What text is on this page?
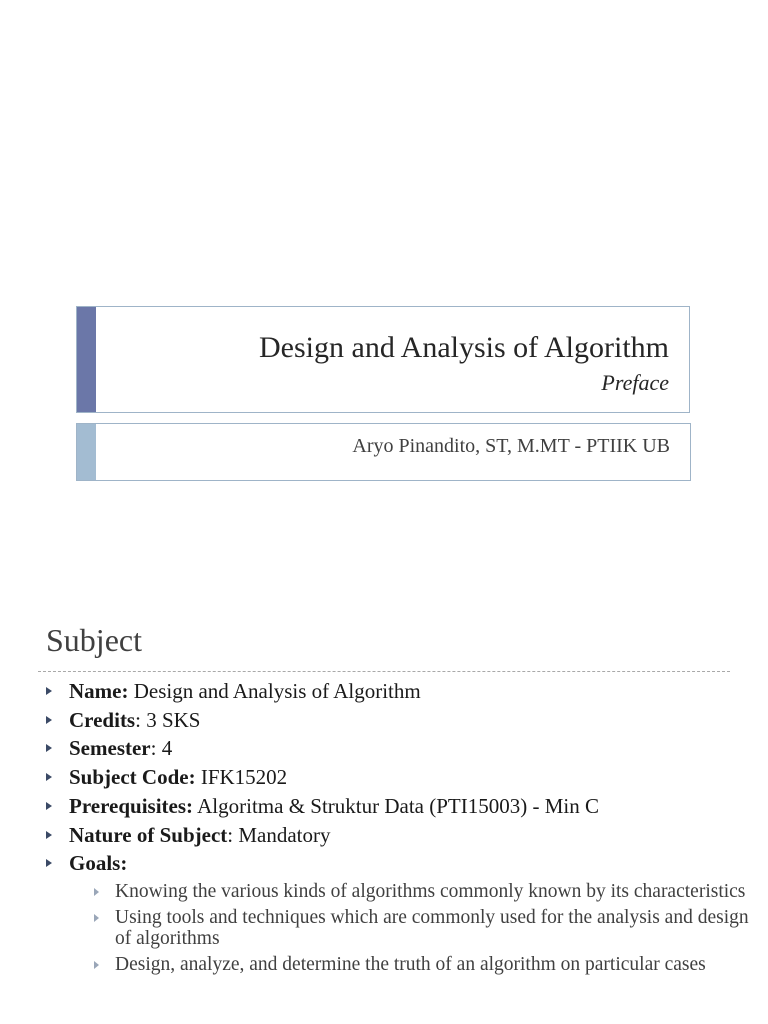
Design and Analysis of Algorithm
Preface
Aryo Pinandito, ST, M.MT - PTIIK UB
Subject
Name: Design and Analysis of Algorithm
Credits: 3 SKS
Semester: 4
Subject Code: IFK15202
Prerequisites: Algoritma & Struktur Data (PTI15003) - Min C
Nature of Subject: Mandatory
Goals:
Knowing the various kinds of algorithms commonly known by its characteristics
Using tools and techniques which are commonly used for the analysis and design of algorithms
Design, analyze, and determine the truth of an algorithm on particular cases
